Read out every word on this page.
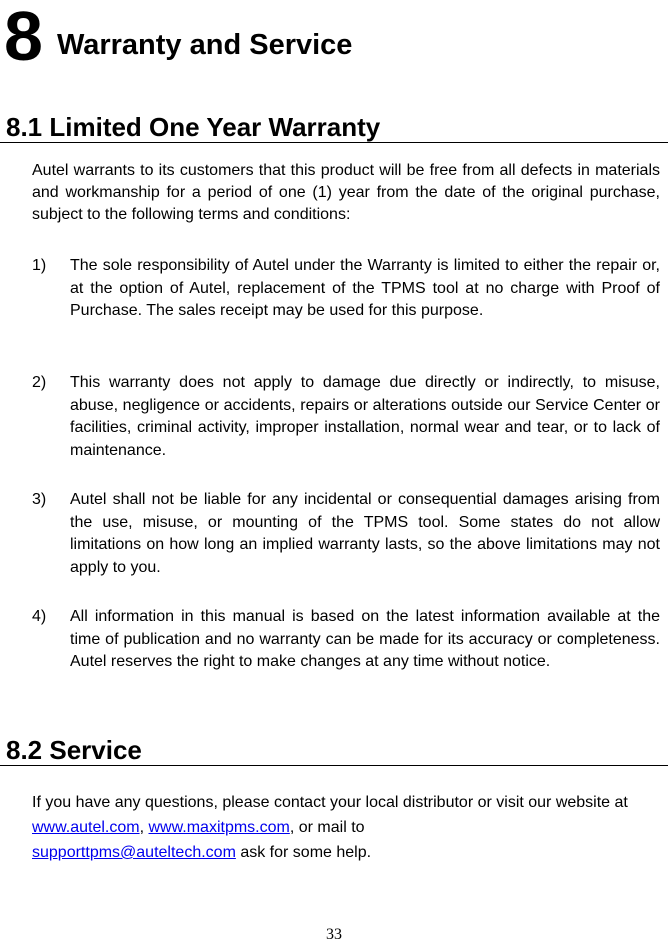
8 Warranty and Service
8.1 Limited One Year Warranty

Autel warrants to its customers that this product will be free from all defects in materials and workmanship for a period of one (1) year from the date of the original purchase, subject to the following terms and conditions:

1)	The sole responsibility of Autel under the Warranty is limited to either the repair or, at the option of Autel, replacement of the TPMS tool at no charge with Proof of Purchase. The sales receipt may be used for this purpose.
2)	This warranty does not apply to damage due directly or indirectly, to misuse, abuse, negligence or accidents, repairs or alterations outside our Service Center or facilities, criminal activity, improper installation, normal wear and tear, or to lack of maintenance.
3)	Autel shall not be liable for any incidental or consequential damages arising from the use, misuse, or mounting of the TPMS tool. Some states do not allow limitations on how long an implied warranty lasts, so the above limitations may not apply to you.
4)	All information in this manual is based on the latest information available at the time of publication and no warranty can be made for its accuracy or completeness. Autel reserves the right to make changes at any time without notice.
8.2 Service

If you have any questions, please contact your local distributor or visit our website at www.autel.com, www.maxitpms.com, or mail to
supporttpms@auteltech.com ask for some help.

33
